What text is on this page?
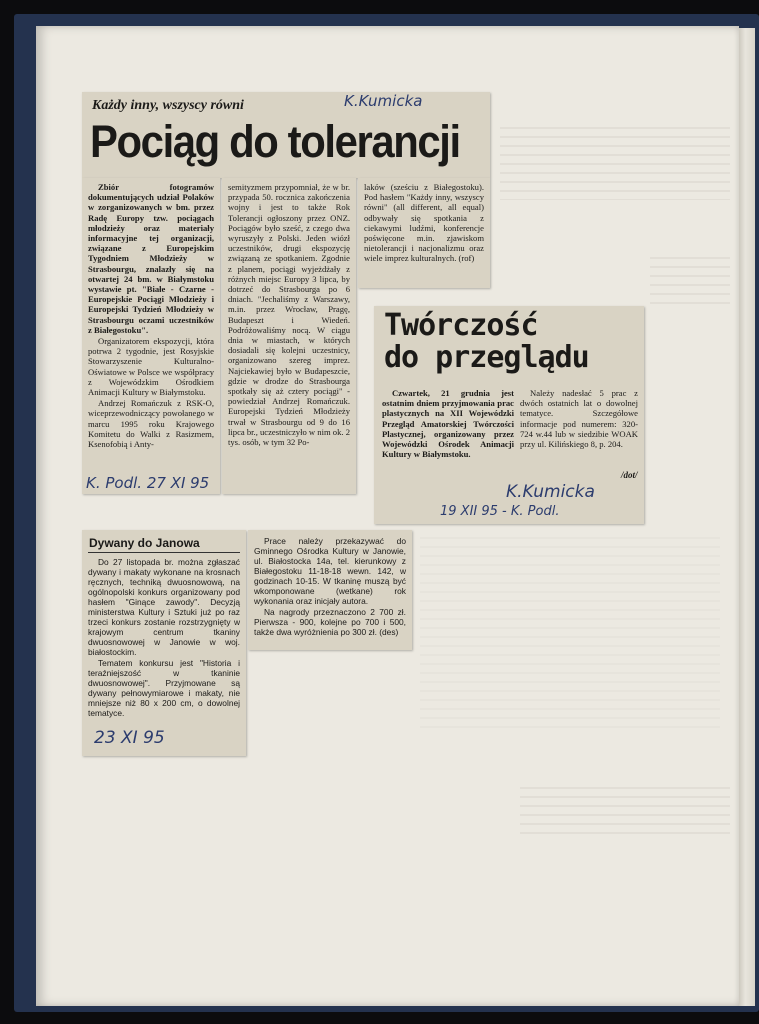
Każdy inny, wszyscy równi
Pociąg do tolerancji
K.Kumicka

Zbiór fotogramów dokumentujących udział Polaków w zorganizowanych w bm. przez Radę Europy tzw. pociągach młodzieży oraz materiały informacyjne tej organizacji, związane z Europejskim Tygodniem Młodzieży w Strasbourgu, znalazły się na otwartej 24 bm. w Białymstoku wystawie pt. "Białe - Czarne - Europejskie Pociągi Młodzieży i Europejski Tydzień Młodzieży w Strasbourgu oczami uczestników z Białegostoku".

Organizatorem ekspozycji, która potrwa 2 tygodnie, jest Rosyjskie Stowarzyszenie Kulturalno-Oświatowe w Polsce we współpracy z Wojewódzkim Ośrodkiem Animacji Kultury w Białymstoku.

Andrzej Romańczuk z RSK-O, wiceprzewodniczący powołanego w marcu 1995 roku Krajowego Komitetu do Walki z Rasizmem, Ksenofobią i Anty-

semityzmem przypomniał, że w br. przypada 50. rocznica zakończenia wojny i jest to także Rok Tolerancji ogłoszony przez ONZ. Pociągów było sześć, z czego dwa wyruszyły z Polski. Jeden wiózł uczestników, drugi ekspozycję związaną ze spotkaniem. Zgodnie z planem, pociągi wyjeżdżały z różnych miejsc Europy 3 lipca, by dotrzeć do Strasbourga po 6 dniach. "Jechaliśmy z Warszawy, m.in. przez Wrocław, Pragę, Budapeszt i Wiedeń. Podróżowaliśmy nocą. W ciągu dnia w miastach, w których dosiadali się kolejni uczestnicy, organizowano szereg imprez. Najciekawiej było w Budapeszcie, gdzie w drodze do Strasbourga spotkały się aż cztery pociągi" - powiedział Andrzej Romańczuk. Europejski Tydzień Młodzieży trwał w Strasbourgu od 9 do 16 lipca br., uczestniczyło w nim ok. 2 tys. osób, w tym 32 Po-

laków (sześciu z Białegostoku). Pod hasłem "Każdy inny, wszyscy równi" (all different, all equal) odbywały się spotkania z ciekawymi ludźmi, konferencje poświęcone m.in. zjawiskom nietolerancji i nacjonalizmu oraz wiele imprez kulturalnych. (rof)

K. Podl. 27 XI 95
Twórczość
do przeglądu

Czwartek, 21 grudnia jest ostatnim dniem przyjmowania prac plastycznych na XII Wojewódzki Przegląd Amatorskiej Twórczości Plastycznej, organizowany przez Wojewódzki Ośrodek Animacji Kultury w Białymstoku.

Należy nadesłać 5 prac z dwóch ostatnich lat o dowolnej tematyce. Szczegółowe informacje pod numerem: 320-724 w.44 lub w siedzibie WOAK przy ul. Kilińskiego 8, p. 204.

/dot/
K.Kumicka
19 XII 95 - K. Podl.
Dywany do Janowa

Do 27 listopada br. można zgłaszać dywany i makaty wykonane na krosnach ręcznych, techniką dwuosnowową, na ogólnopolski konkurs organizowany pod hasłem "Ginące zawody". Decyzją ministerstwa Kultury i Sztuki już po raz trzeci konkurs zostanie rozstrzygnięty w krajowym centrum tkaniny dwuosnowowej w Janowie w woj. białostockim.

Tematem konkursu jest "Historia i teraźniejszość w tkaninie dwuosnowowej". Przyjmowane są dywany pełnowymiarowe i makaty, nie mniejsze niż 80 x 200 cm, o dowolnej tematyce.

23 XI 95

Prace należy przekazywać do Gminnego Ośrodka Kultury w Janowie, ul. Białostocka 14a, tel. kierunkowy z Białegostoku 11-18-18 wewn. 142, w godzinach 10-15. W tkaninę muszą być wkomponowane (wetkane) rok wykonania oraz inicjały autora.

Na nagrody przeznaczono 2 700 zł. Pierwsza - 900, kolejne po 700 i 500, także dwa wyróżnienia po 300 zł. (des)
